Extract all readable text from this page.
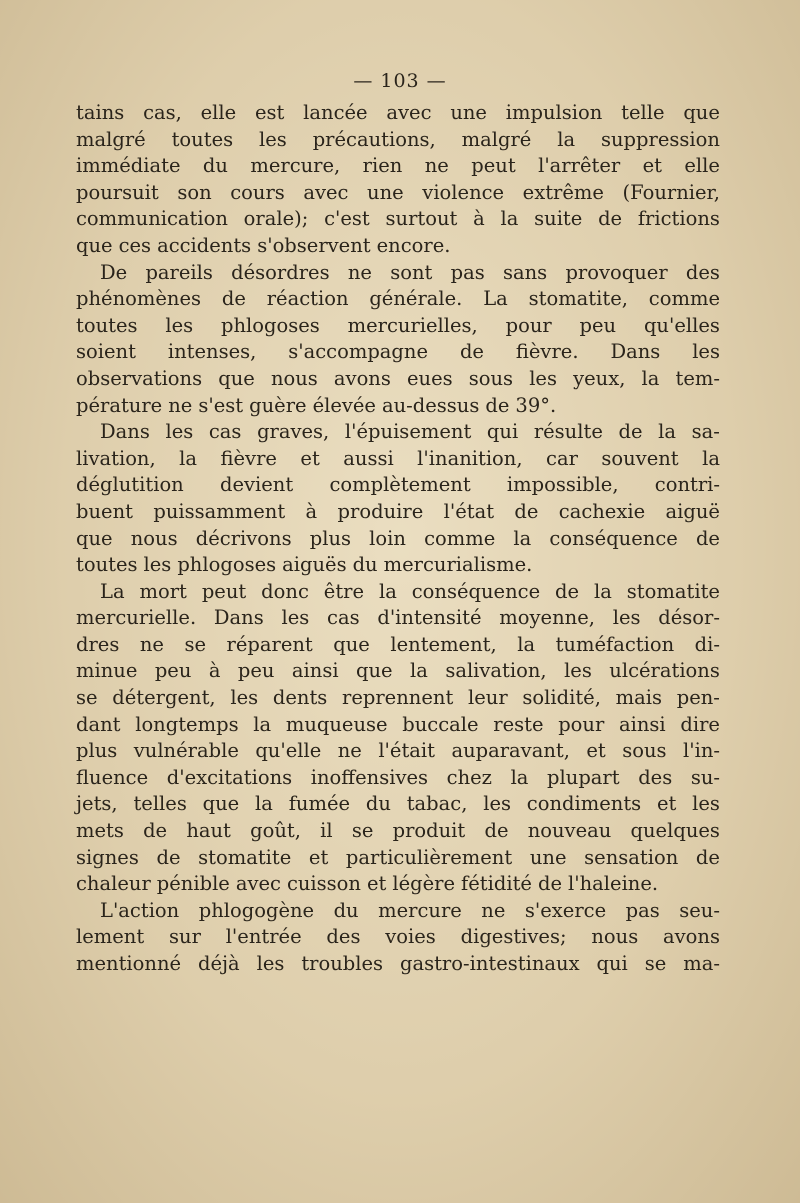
— 103 —
tains cas, elle est lancée avec une impulsion telle que
malgré toutes les précautions, malgré la suppression
immédiate du mercure, rien ne peut l'arrêter et elle
poursuit son cours avec une violence extrême (Fournier,
communication orale); c'est surtout à la suite de frictions
que ces accidents s'observent encore.
De pareils désordres ne sont pas sans provoquer des
phénomènes de réaction générale. La stomatite, comme
toutes les phlogoses mercurielles, pour peu qu'elles
soient intenses, s'accompagne de fièvre. Dans les
observations que nous avons eues sous les yeux, la tem-
pérature ne s'est guère élevée au-dessus de 39°.
Dans les cas graves, l'épuisement qui résulte de la sa-
livation, la fièvre et aussi l'inanition, car souvent la
déglutition devient complètement impossible, contri-
buent puissamment à produire l'état de cachexie aiguë
que nous décrivons plus loin comme la conséquence de
toutes les phlogoses aiguës du mercurialisme.
La mort peut donc être la conséquence de la stomatite
mercurielle. Dans les cas d'intensité moyenne, les désor-
dres ne se réparent que lentement, la tuméfaction di-
minue peu à peu ainsi que la salivation, les ulcérations
se détergent, les dents reprennent leur solidité, mais pen-
dant longtemps la muqueuse buccale reste pour ainsi dire
plus vulnérable qu'elle ne l'était auparavant, et sous l'in-
fluence d'excitations inoffensives chez la plupart des su-
jets, telles que la fumée du tabac, les condiments et les
mets de haut goût, il se produit de nouveau quelques
signes de stomatite et particulièrement une sensation de
chaleur pénible avec cuisson et légère fétidité de l'haleine.
L'action phlogogène du mercure ne s'exerce pas seu-
lement sur l'entrée des voies digestives; nous avons
mentionné déjà les troubles gastro-intestinaux qui se ma-
